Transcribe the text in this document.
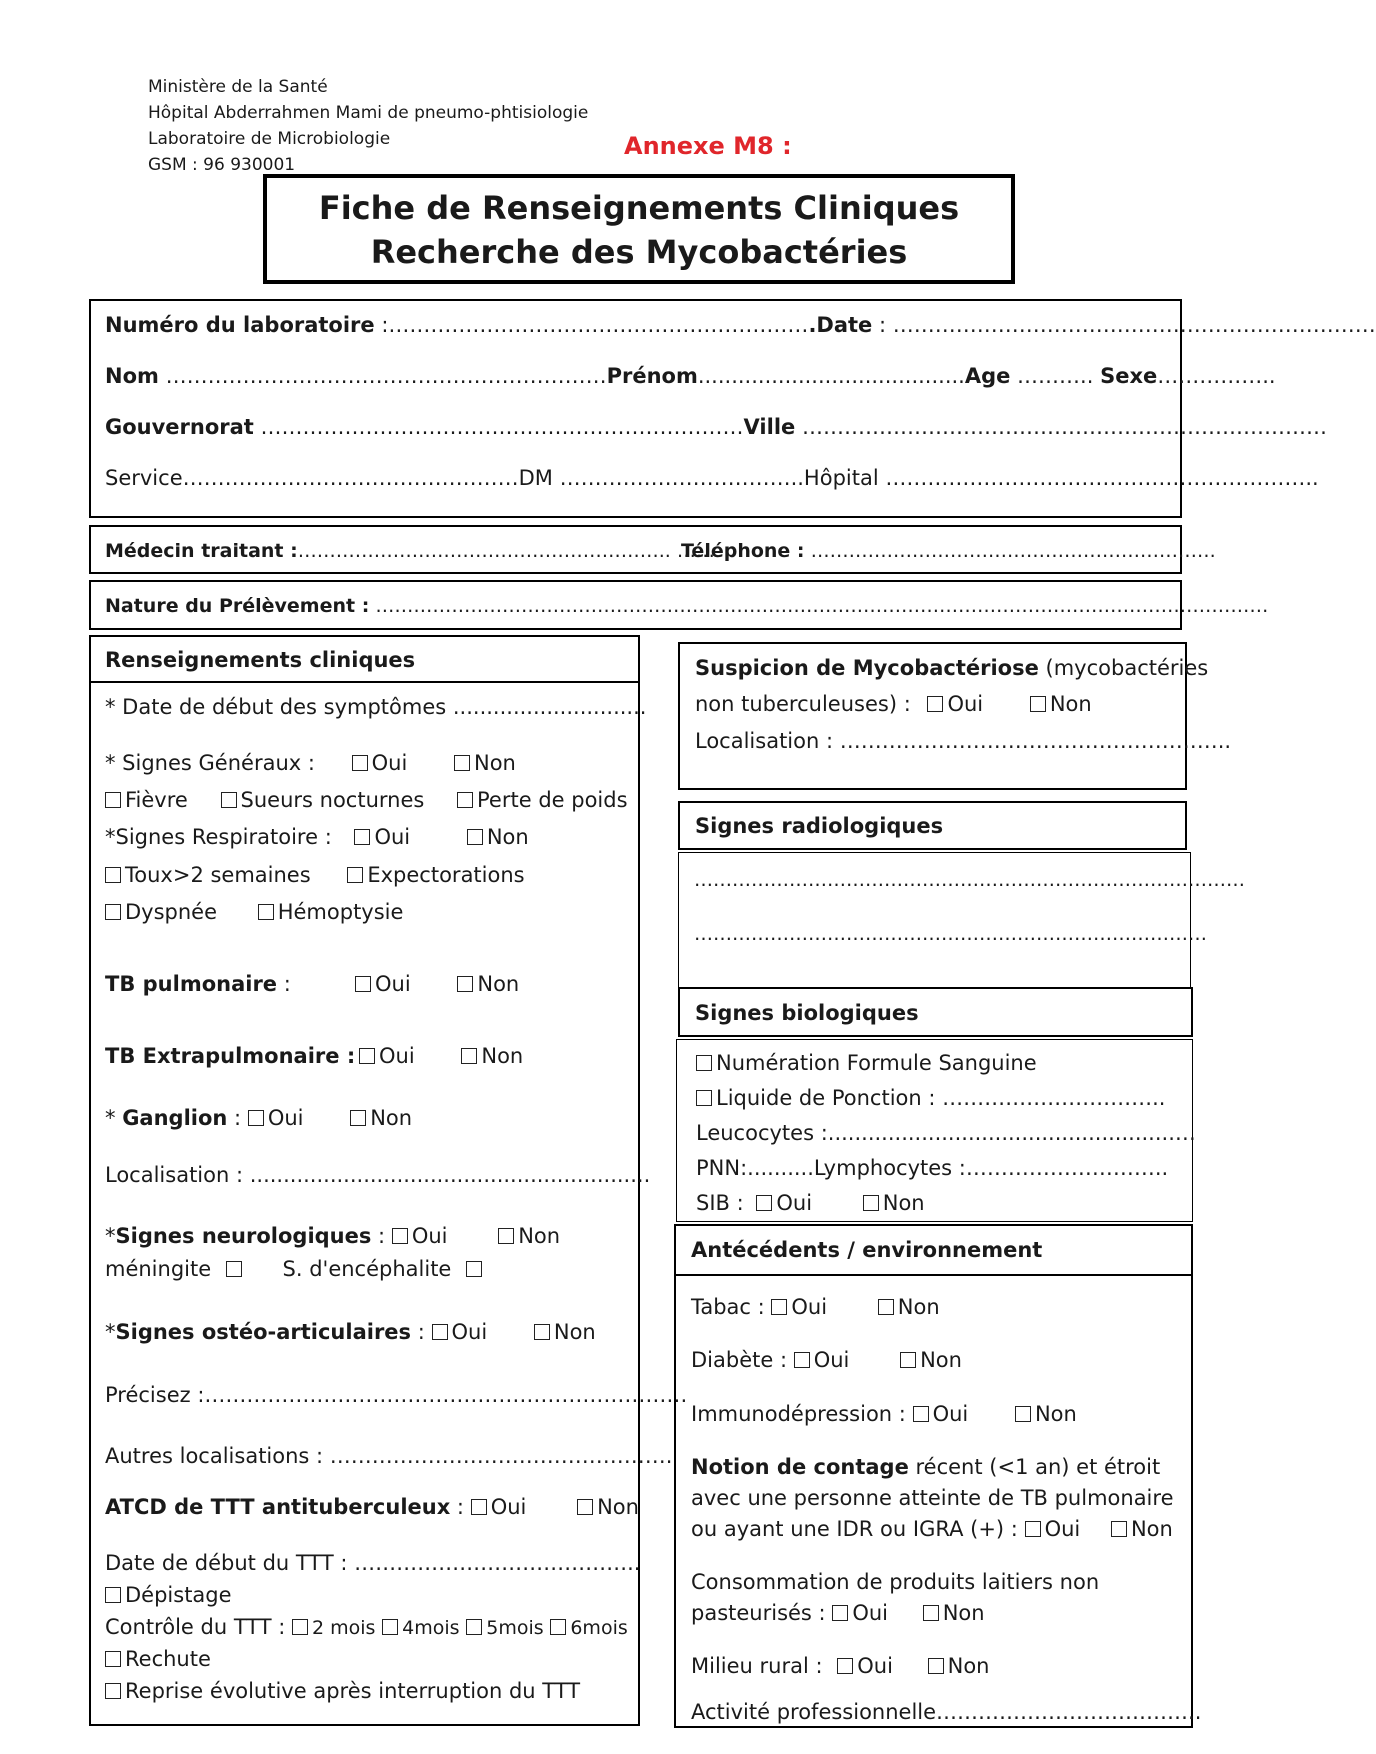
Ministère de la Santé
Hôpital Abderrahmen Mami de pneumo-phtisiologie
Laboratoire de Microbiologie
GSM : 96 930001
Annexe M8 :
Fiche de Renseignements Cliniques
Recherche des Mycobactéries
Numéro du laboratoire :…………………………………………………….Date : ……………………………………………………………
Nom ………………………………………………………Prénom........................................Age ……….. Sexe……………..
Gouvernorat ……………………………………………………………Ville …………………………………………………………………
Service…………………………………………DM ……………………………..Hôpital ……………………………………………………..
Médecin traitant :………………………………………………….. ……
Téléphone : ……………………………………………………….
Nature du Prélèvement : ……………………………………………………………………………………………………………………………
Renseignements cliniques
* Date de début des symptômes .............................
* Signes Généraux :	Oui	Non
Fièvre	Sueurs nocturnes	Perte de poids
*Signes Respiratoire : Oui	Non
Toux>2 semaines	Expectorations
Dyspnée	Hémoptysie
TB pulmonaire :	Oui	Non
TB Extrapulmonaire :	Oui	Non
* Ganglion : Oui	Non
Localisation : ............................................................
*Signes neurologiques : Oui	Non
méningite	S. d'encéphalite
*Signes ostéo-articulaires : Oui	Non
Précisez :……………………………………………………………
Autres localisations : ………………………………………….
ATCD de TTT antituberculeux : Oui	Non
Date de début du TTT : …………………………………..
Dépistage
Contrôle du TTT : 2 mois 4mois 5mois 6mois
Rechute
Reprise évolutive après interruption du TTT
Suspicion de Mycobactériose (mycobactéries
non tuberculeuses) : Oui	Non
Localisation : ………………………………………………..
Signes radiologiques
……………………………………………………………………………
………………………………………………………………………
Signes biologiques
Numération Formule Sanguine
Liquide de Ponction : …………………………..
Leucocytes :....................................................…
PNN:..........Lymphocytes :………………………..
SIB : Oui	Non
Antécédents / environnement
Tabac : Oui	Non
Diabète : Oui	Non
Immunodépression : Oui	Non
Notion de contage récent (<1 an) et étroit
avec une personne atteinte de TB pulmonaire
ou ayant une IDR ou IGRA (+) : Oui Non
Consommation de produits laitiers non
pasteurisés : Oui	Non
Milieu rural : Oui	Non
Activité professionnelle………………………………..
